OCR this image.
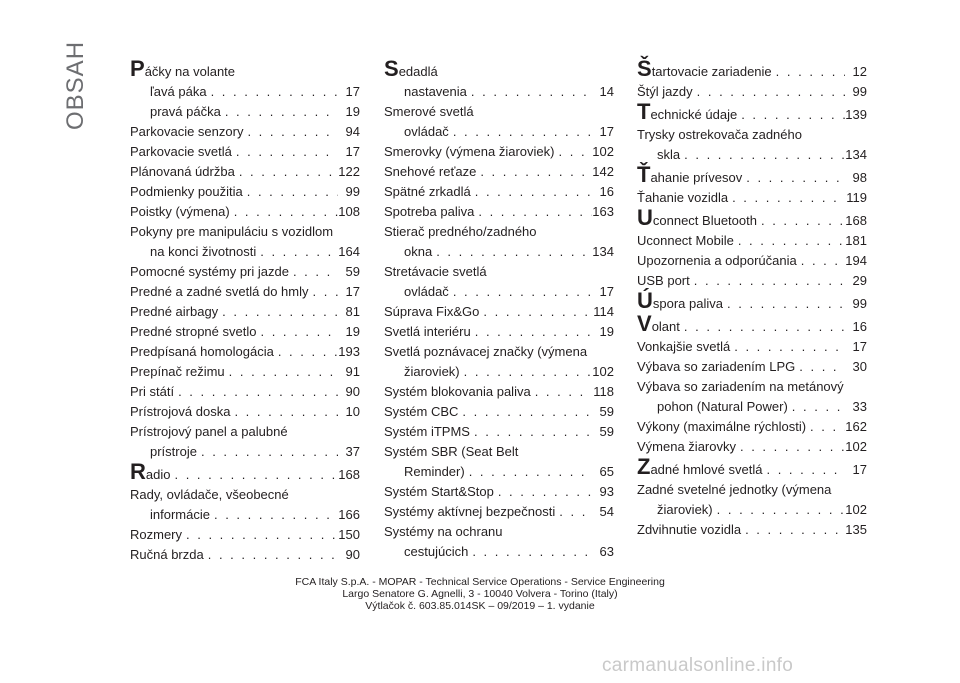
OBSAH Páčky na volante
ľavá páka . . .	17
pravá páčka . . .	19
Parkovacie senzory . . .	94
Parkovacie svetlá . . .	17
Plánovaná údržba . . .	122
Podmienky použitia . . .	99
Poistky (výmena) . . .	108
Pokyny pre manipuláciu s vozidlom
na konci životnosti . . .	164
Pomocné systémy pri jazde . . .	59
Predné a zadné svetlá do hmly . . .	17
Predné airbagy . . .	81
Predné stropné svetlo . . .	19
Predpísaná homologácia . . .	193
Prepínač režimu . . .	91
Pri státí . . .	90
Prístrojová doska . . .	10
Prístrojový panel a palubné
prístroje . . .	37
Radio . . .	168
Rady, ovládače, všeobecné
informácie . . .	166
Rozmery . . .	150
Ručná brzda . . .	90
Sedadlá
nastavenia . . .	14
Smerové svetlá
ovládač . . .	17
Smerovky (výmena žiaroviek) . . .	102
Snehové reťaze . . .	142
Spätné zrkadlá . . .	16
Spotreba paliva . . .	163
Stierač predného/zadného
okna . . .	134
Stretávacie svetlá
ovládač . . .	17
Súprava Fix&Go . . .	114
Svetlá interiéru . . .	19
Svetlá poznávacej značky (výmena
žiaroviek) . . .	102
Systém blokovania paliva . . .	118
Systém CBC . . .	59
Systém iTPMS . . .	59
Systém SBR (Seat Belt
Reminder) . . .	65
Systém Start&Stop . . .	93
Systémy aktívnej bezpečnosti . . .	54
Systémy na ochranu
cestujúcich . . .	63
Štartovacie zariadenie . . .	12
Štýl jazdy . . .	99
Technické údaje . . .	139
Trysky ostrekovača zadného
skla . . .	134
Ťahanie prívesov . . .	98
Ťahanie vozidla . . .	119
Uconnect Bluetooth . . .	168
Uconnect Mobile . . .	181
Upozornenia a odporúčania . . .	194
USB port . . .	29
Úspora paliva . . .	99
Volant . . .	16
Vonkajšie svetlá . . .	17
Výbava so zariadením LPG . . .	30
Výbava so zariadením na metánový
pohon (Natural Power) . . .	33
Výkony (maximálne rýchlosti) . . .	162
Výmena žiarovky . . .	102
Zadné hmlové svetlá . . .	17
Zadné svetelné jednotky (výmena
žiaroviek) . . .	102
Zdvihnutie vozidla . . .	135
FCA Italy S.p.A. - MOPAR - Technical Service Operations - Service Engineering
Largo Senatore G. Agnelli, 3 - 10040 Volvera - Torino (Italy)
Výtlačok č. 603.85.014SK – 09/2019 – 1. vydanie
carmanualsonline.info
